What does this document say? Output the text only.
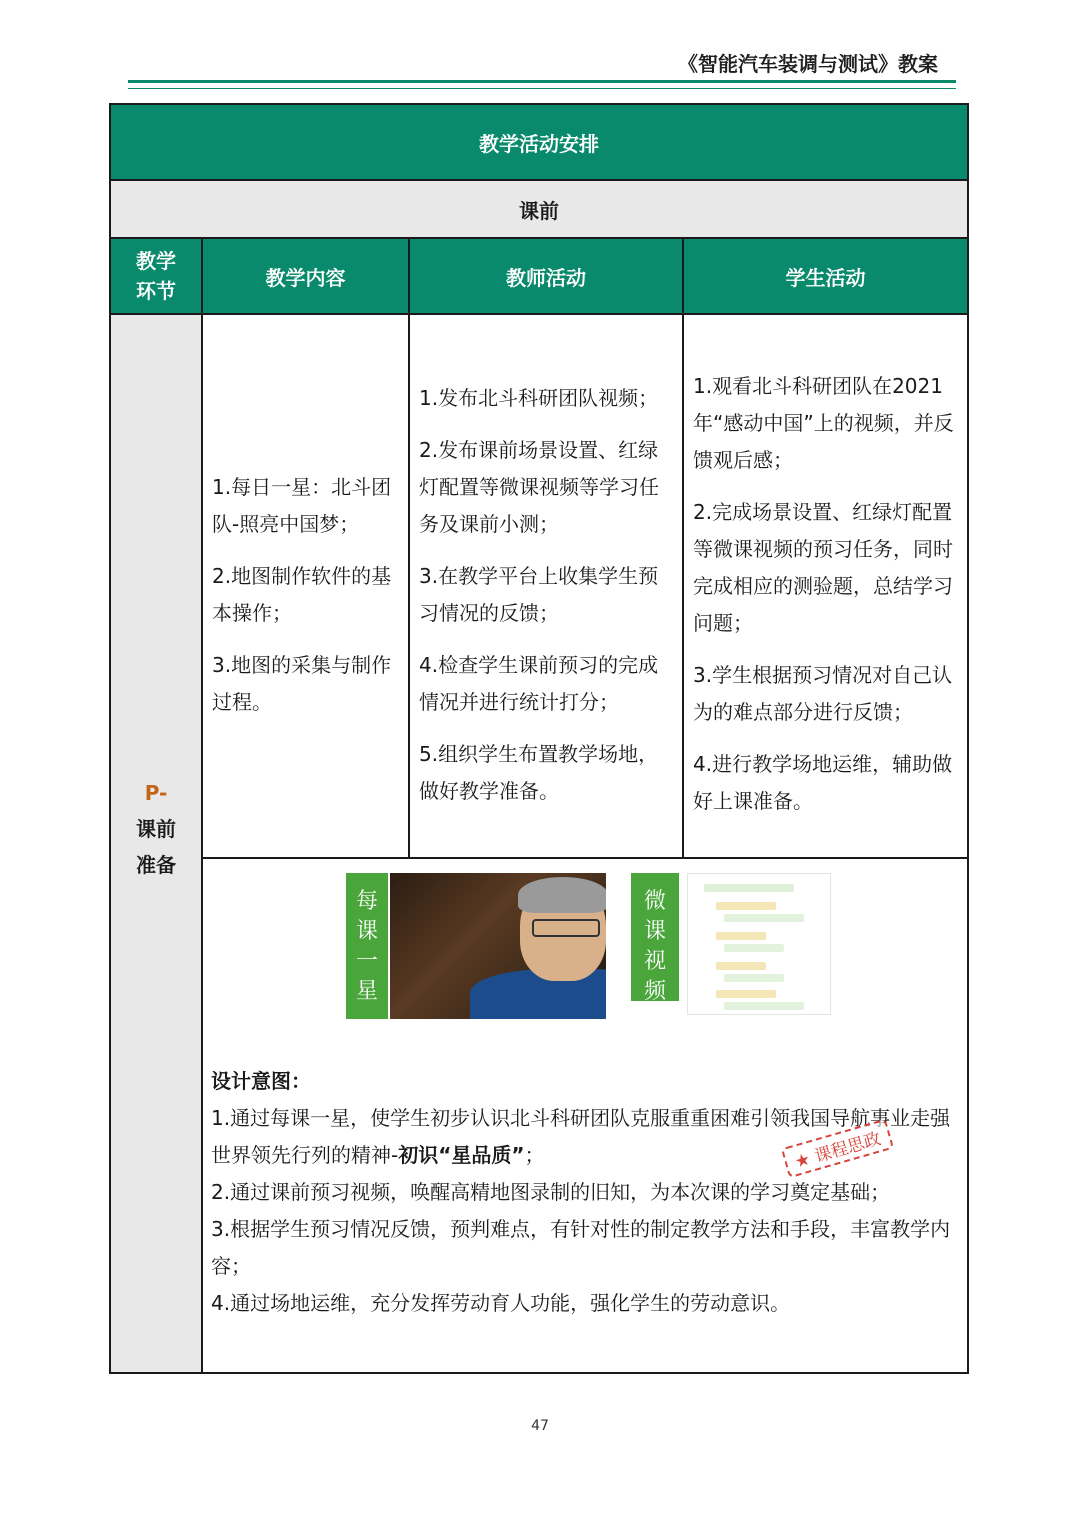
《智能汽车装调与测试》教案
教学活动安排
课前
教学环节
教学内容	教师活动	学生活动
P-
课前准备

1.每日一星：北斗团队-照亮中国梦；

2.地图制作软件的基本操作；

3.地图的采集与制作过程。

1.发布北斗科研团队视频；

2.发布课前场景设置、红绿灯配置等微课视频等学习任务及课前小测；

3.在教学平台上收集学生预习情况的反馈；

4.检查学生课前预习的完成情况并进行统计打分；

5.组织学生布置教学场地，做好教学准备。

1.观看北斗科研团队在2021年“感动中国”上的视频，并反馈观后感；

2.完成场景设置、红绿灯配置等微课视频的预习任务，同时完成相应的测验题，总结学习问题；

3.学生根据预习情况对自己认为的难点部分进行反馈；

4.进行教学场地运维，辅助做好上课准备。

每课一星
微课视频
设计意图：
1.通过每课一星，使学生初步认识北斗科研团队克服重重困难引领我国导航事业走强世界领先行列的精神-初识“星品质”；
2.通过课前预习视频，唤醒高精地图录制的旧知，为本次课的学习奠定基础；
3.根据学生预习情况反馈，预判难点，有针对性的制定教学方法和手段，丰富教学内容；
4.通过场地运维，充分发挥劳动育人功能，强化学生的劳动意识。
★ 课程思政
47
